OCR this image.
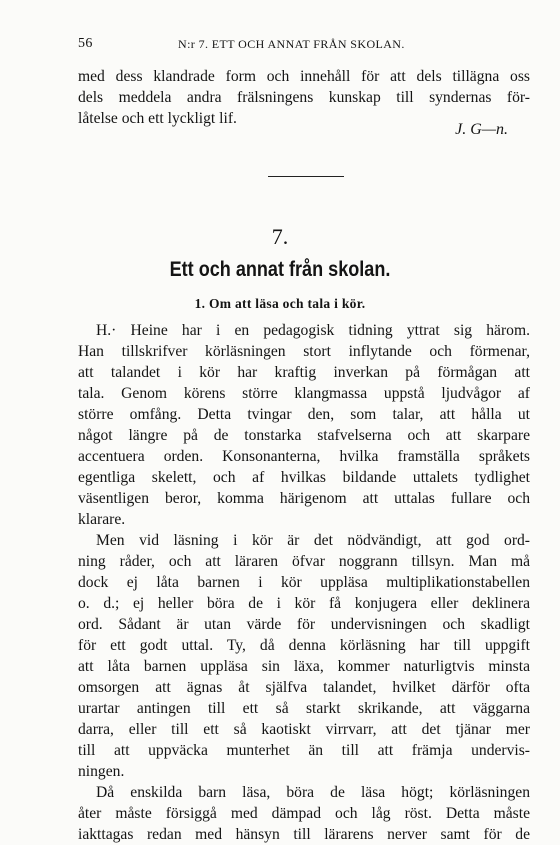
56	N:r 7. ETT OCH ANNAT FRÅN SKOLAN.
med dess klandrade form och innehåll för att dels tillägna oss
dels meddela andra frälsningens kunskap till syndernas för-
låtelse och ett lyckligt lif.
J. G—n.
7.
Ett och annat från skolan.
1. Om att läsa och tala i kör.
H.· Heine har i en pedagogisk tidning yttrat sig härom.
Han tillskrifver körläsningen stort inflytande och förmenar,
att talandet i kör har kraftig inverkan på förmågan att
tala. Genom körens större klangmassa uppstå ljudvågor af
större omfång. Detta tvingar den, som talar, att hålla ut
något längre på de tonstarka stafvelserna och att skarpare
accentuera orden. Konsonanterna, hvilka framställa språkets
egentliga skelett, och af hvilkas bildande uttalets tydlighet
väsentligen beror, komma härigenom att uttalas fullare och
klarare.
Men vid läsning i kör är det nödvändigt, att god ord-
ning råder, och att läraren öfvar noggrann tillsyn. Man må
dock ej låta barnen i kör uppläsa multiplikationstabellen
o. d.; ej heller böra de i kör få konjugera eller deklinera
ord. Sådant är utan värde för undervisningen och skadligt
för ett godt uttal. Ty, då denna körläsning har till uppgift
att låta barnen uppläsa sin läxa, kommer naturligtvis minsta
omsorgen att ägnas åt själfva talandet, hvilket därför ofta
urartar antingen till ett så starkt skrikande, att väggarna
darra, eller till ett så kaotiskt virrvarr, att det tjänar mer
till att uppväcka munterhet än till att främja undervis-
ningen.
Då enskilda barn läsa, böra de läsa högt; körläsningen
åter måste försiggå med dämpad och låg röst. Detta måste
iakttagas redan med hänsyn till lärarens nerver samt för de
